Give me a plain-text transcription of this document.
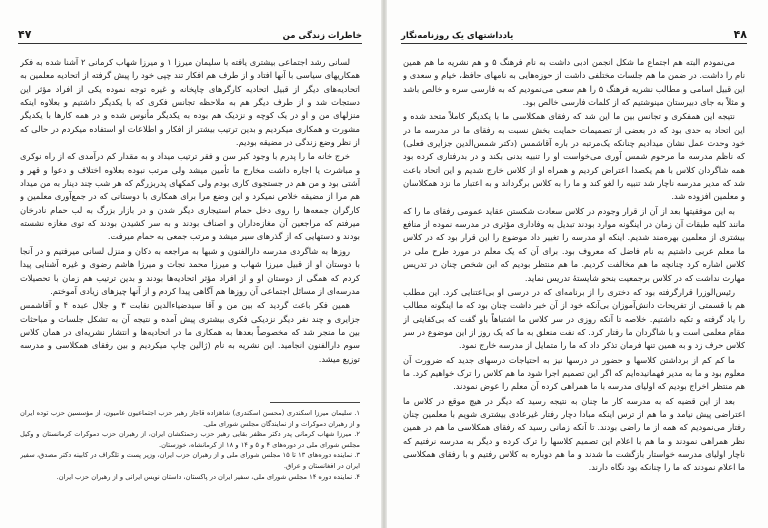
۴۷	خاطرات زندگی من

لسانی رشد اجتماعی بیشتری یافته با سلیمان میرزا ۱ و میرزا شهاب کرمانی ۲ آشنا شده به فکر همکاریهای سیاسی با آنها افتاد و از طرف هم افکار تند چپی خود را پیش گرفته از اتحادیه معلمین به اتحادیه‌های دیگر از قبیل اتحادیه کارگرهای چاپخانه و غیره توجه نموده یکی از افراد مؤثر این دستجات شد و از طرف دیگر هم به ملاحظه تجانس فکری که با یکدیگر داشتیم و بعلاوه اینکه منزلهای من و او در یک کوچه و نزدیک هم بوده به یکدیگر مأنوس شده و در همه کارها با یکدیگر مشورت و همکاری میکردیم و بدین ترتیب بیشتر از افکار و اطلاعات او استفاده میکردم در حالی که از نظر وضع زندگی در مضیقه بودیم.

خرج خانه ما را پدرم با وجود کبر سن و فقر ترتیب میداد و به مقدار کم درآمدی که از راه نوکری و مباشرت یا اجاره داشت مخارج ما تأمین میشد ولی مرتب نبوده بعلاوه اختلاف و دعوا و قهر و آشتی بود و من هم در جستجوی کاری بودم ولی کمکهای پدربزرگم که هر شب چند دینار به من میداد هم مرا از مضیقه خلاص نمیکرد و این وضع مرا برای همکاری با دوستانی که در جمع‌آوری معلمین و کارگران جمعه‌ها را روی دخل حمام استیجاری دیگر شدن و در بازار بزرگ به لب حمام نادرخان میرفتم که مراجعین آن مغازه‌داران و اصناف بودند و به سر کشیدن بودند که توی مغازه نشسته بودند و دستهایی که از گذرهای سیر میشد و مرتب جمعی به حمام میرفت.

روزها به شاگردی مدرسه دارالفنون و شبها به مراجعه به دکان و منزل لسانی میرفتیم و در آنجا با دوستان او از قبیل میرزا شهاب و میرزا محمد نجات و میرزا هاشم رضوی و غیره آشنایی پیدا کردم که همگی از دوستان او و از افراد مؤثر اتحادیه‌ها بودند و بدین ترتیب هم زمان با تحصیلات مدرسه‌ای از مسائل اجتماعی آن روزها هم آگاهی پیدا کردم و از آنها چیزهای زیادی آموختم.

همین فکر باعث گردید که بین من و آقا سیدضیاءالدین نقابت ۳ و جلال عبده ۴ و آقاشمس جزایری و چند نفر دیگر نزدیکی فکری بیشتری پیش آمده و نتیجه آن به تشکل جلسات و مباحثات بین ما منجر شد که مخصوصاً بعدها به همکاری ما در اتحادیه‌ها و انتشار نشریه‌ای در همان کلاس سوم دارالفنون انجامید. این نشریه به نام (ژالین چاپ میکردیم و بین رفقای همکلاسی و مدرسه توزیع میشد.

۱. سلیمان میرزا اسکندری (محسن اسکندری) شاهزاده قاجار رهبر حزب اجتماعیون عامیون، از مؤسسین حزب توده ایران و از رهبران دموکرات و از نمایندگان مجلس شورای ملی.

۲. میرزا شهاب کرمانی پدر دکتر مظفر بقایی رهبر حزب زحمتکشان ایران، از رهبران حزب دموکرات کرمانستان و وکیل مجلس شورای ملی در دوره‌های ۴ و ۵ و ۱۴ و ۱۸ از کرمانشاه، خوزستان.

۳. نماینده دوره‌های ۱۳ تا ۱۵ مجلس شورای ملی و از رهبران حزب ایران، وزیر پست و تلگراف در کابینه دکتر مصدق، سفیر ایران در افغانستان و عراق.

۴. نماینده دوره ۱۴ مجلس شورای ملی، سفیر ایران در پاکستان، داستان نویس ایرانی و از رهبران حزب ایران.

یادداشتهای یک روزنامه‌نگار	۴۸

می‌نمودم البته هم اجتماع ما شکل انجمن ادبی داشت به نام فرهنگ ۵ و هم نشریه ما هم همین نام را داشت. در ضمن ما هم جلسات مختلفی داشت از حوزه‌هایی به نامهای حافظ، خیام و سعدی و این قبیل اسامی و مطالب نشریه فرهنگ ۵ را هم سعی می‌نمودیم که به فارسی سره و خالص باشد و مثلاً به جای دبیرستان مینوشتیم که از کلمات فارسی خالص بود.

نتیجه این همفکری و تجانس بین ما این شد که رفقای همکلاسی ما با یکدیگر کاملاً متحد شده و این اتحاد به حدی بود که در بعضی از تصمیمات حمایت بخش نسبت به رفقای ما در مدرسه ما در خود وحدت عمل نشان میدادیم چنانکه یک‌مرتبه در باره آقاشمس (دکتر شمس‌الدین جزایری فعلی) که ناظم مدرسه ما مرحوم شمس آوری می‌خواست او را تنبیه بدنی بکند و در بدرفتاری کرده بود همه شاگردان کلاس با هم یکصدا اعتراض کردیم و همراه او از کلاس خارج شدیم و این اتحاد باعث شد که مدیر مدرسه ناچار شد تنبیه را لغو کند و ما را به کلاس برگرداند و به اعتبار ما نزد همکلاسان و معلمین افزوده شد.

به این موفقیتها بعد از آن از قرار وجودم در کلاس سعادت شکستن عقاید عمومی رفقای ما را که مانند کلیه طبقات آن زمان در اینگونه موارد بودند تبدیل به وفاداری مؤثری در مدرسه نموده از منافع بیشتری از معلمین بهره‌مند شدیم. اینکه او مدرسه را تغییر داد موضوع را این قرار بود که در کلاس ما معلم عربی داشتیم به نام فاضل که معروف بود. برای آن که یک معلم در مورد طرح ملی در کلاس اشاره کرد چنانچه ما هم مخالفت کردیم. ما هم منتظر بودیم که ابن شخص چنان در تدریس مهارت نداشت که در کلاس برجمعیت بنحو شایستهٔ تدریس نماید.

رئیس‌الوزرا قرارگرفته بود که دختری را از برنامه‌ای که در درسی او بی‌اعتنایی کرد. این مطلب هم با قسمتی از تفریحات دانش‌آموزان بی‌آنکه خود از آن خبر داشت چنان بود که ما اینگونه مطالب را یاد گرفته و تکیه داشتیم. خلاصه تا آنکه روزی در سر کلاس ما اشتباهاً باو گفت که بی‌کفایتی از مقام معلمی است و با شاگردان ما رفتار کرد. که نفت منعلق به ما که یک روز از این موضوع در سر کلاس حرف زد و به همین تنها فرمان تذکر داد که ما را متمایل از مدرسه خارج نمود.

ما کم کم از برداشتن کلاسها و حضور در درسها نیز به احتیاجات درسهای جدید که ضرورت آن معلوم بود و ما به مدیر فهمانیده‌ایم که اگر این تصمیم اجرا شود ما هم کلاس را ترک خواهیم کرد. ما هم منتظر اخراج بودیم که اولیای مدرسه با ما همراهی کرده آن معلم را عوض نمودند.

بعد از این قضیه که به مدرسه کار ما چنان به نتیجه رسید که دیگر در هیچ موقع در کلاس ما اعتراضی پیش نیامد و ما هم از ترس اینکه مبادا دچار رفتار غیرعادی بیشتری شویم با معلمین چنان رفتار می‌نمودیم که همه از ما راضی بودند. تا آنکه زمانی رسید که رفقای همکلاسی ما هم در همین نظر همراهی نمودند و ما هم با اعلام این تصمیم کلاسها را ترک کرده و دیگر به مدرسه نرفتیم که ناچار اولیای مدرسه خواستار بازگشت ما شدند و ما هم دوباره به کلاس رفتیم و با رفقای همکلاسی ما اعلام نمودند که ما را چنانکه بود نگاه دارند.
